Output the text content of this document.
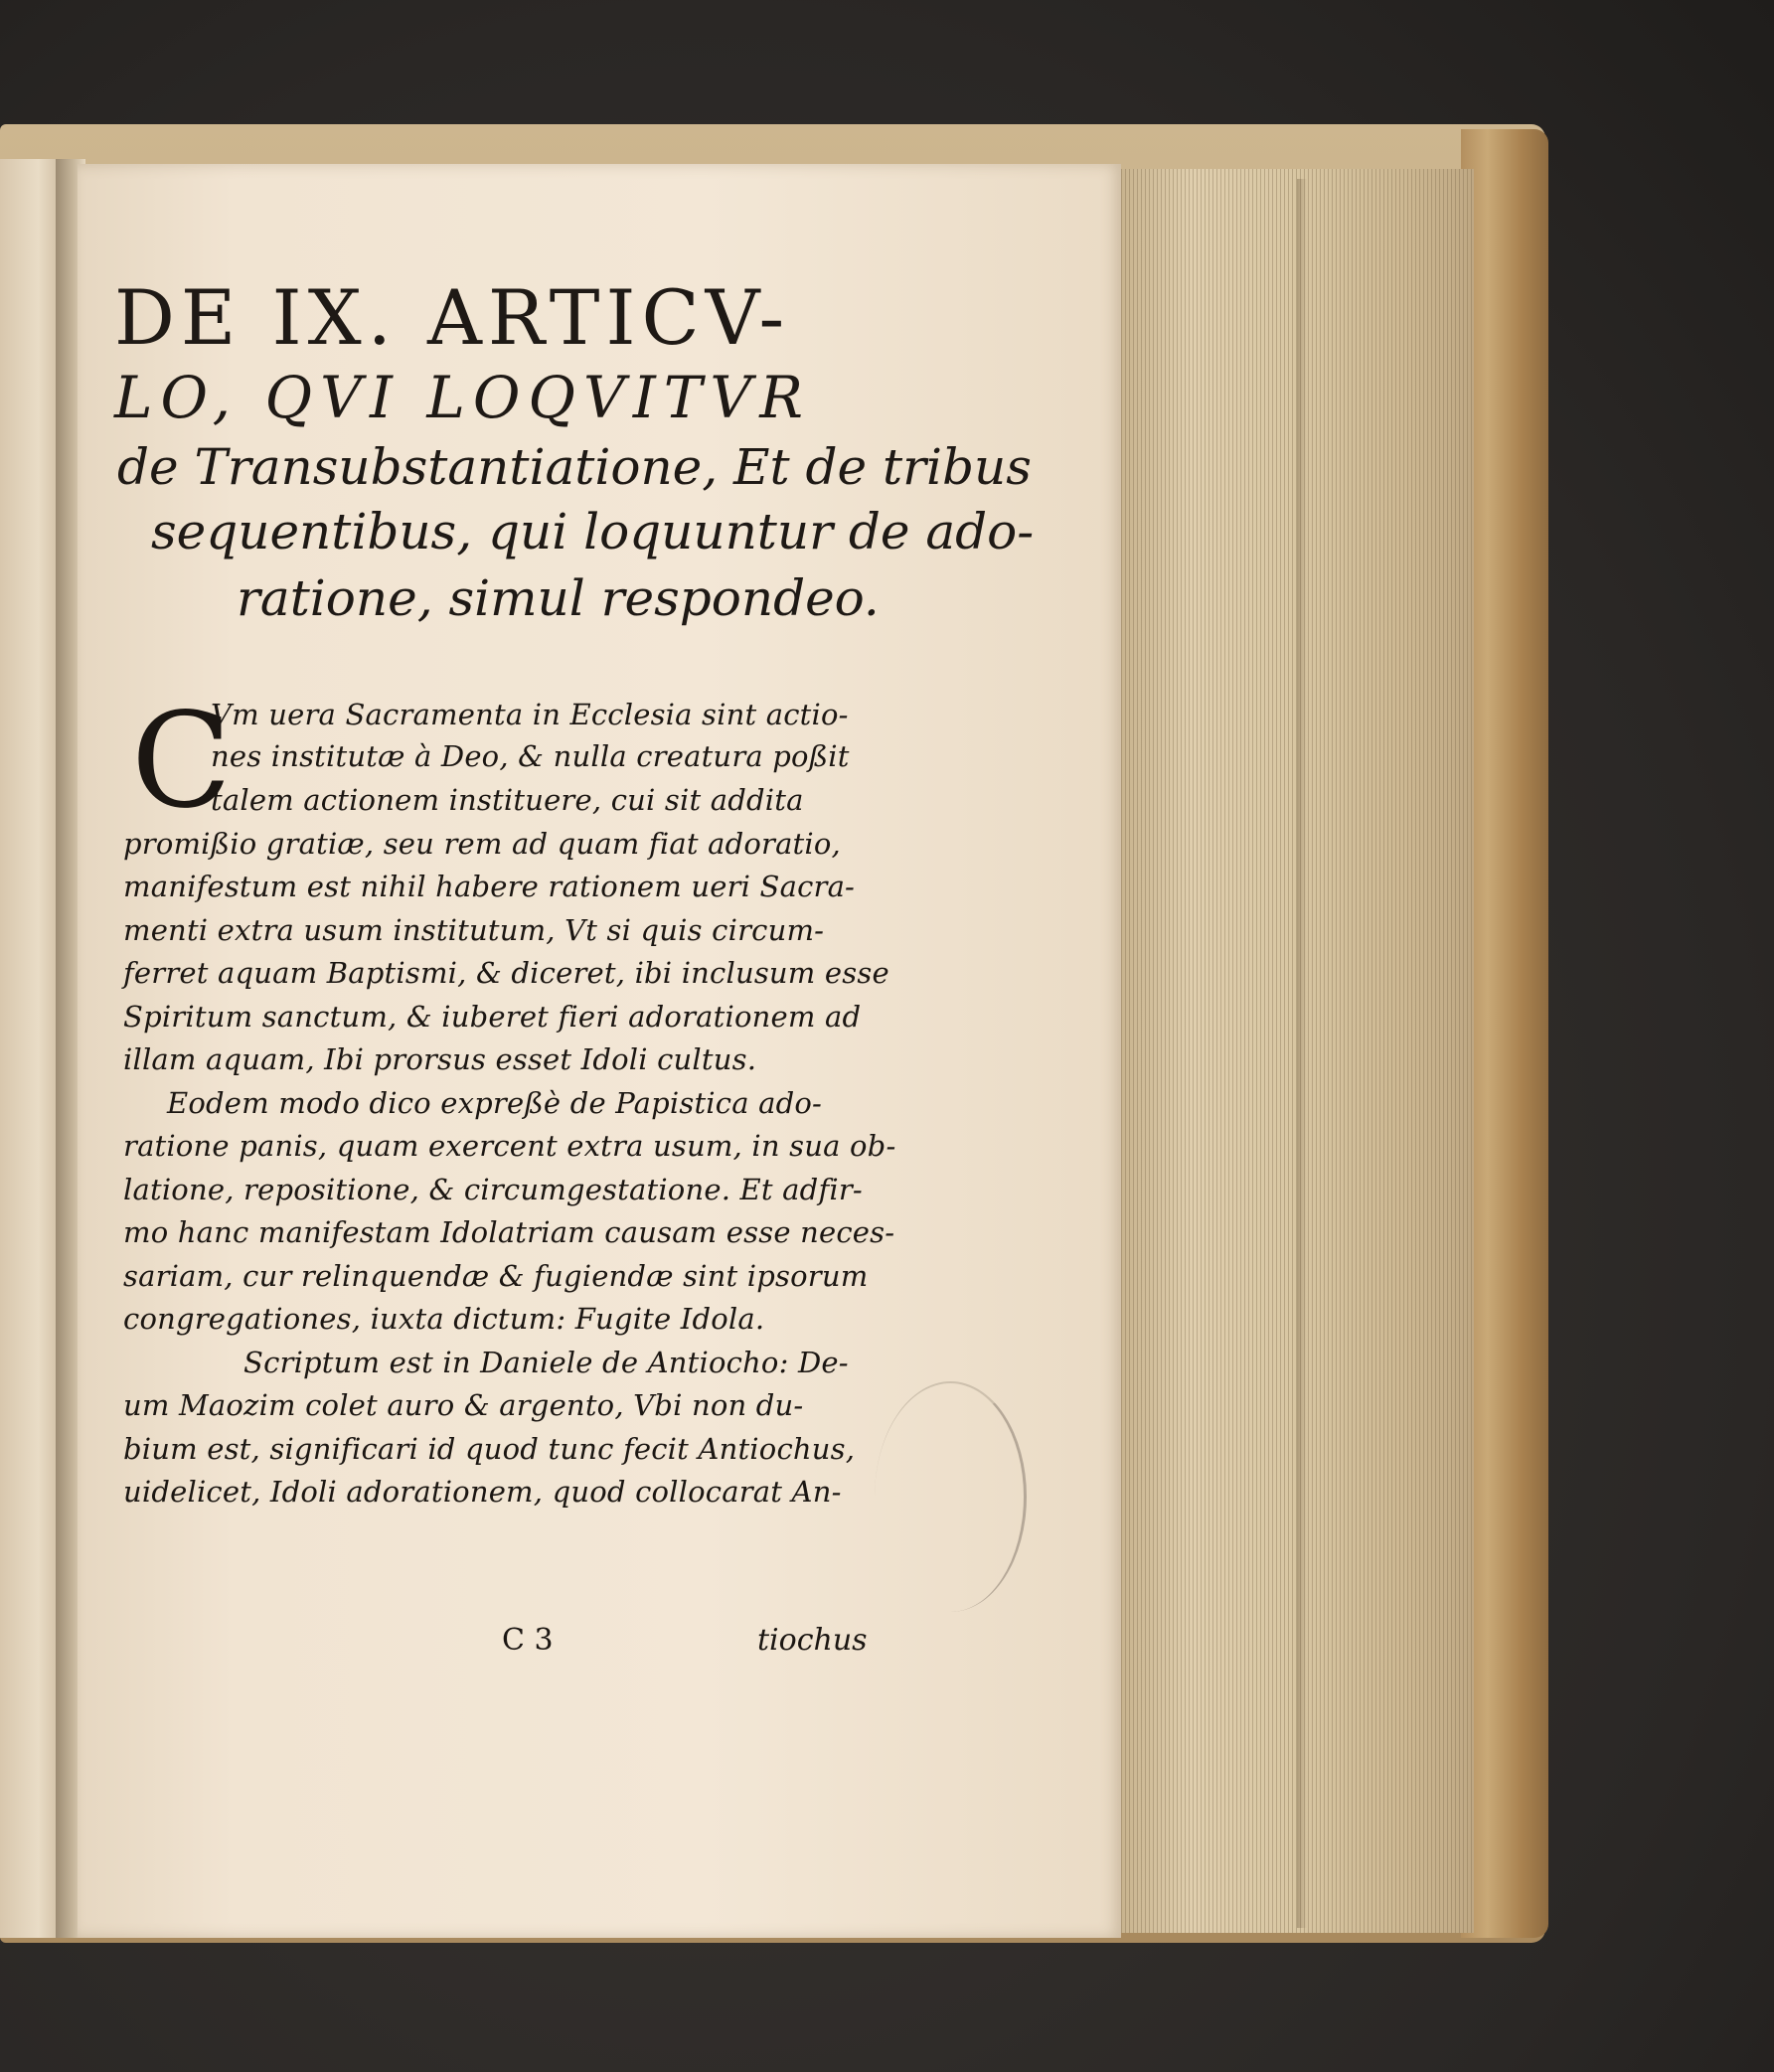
DE IX. ARTICV-
LO, QVI LOQVITVR
de Transubstantiatione, Et de tribus
sequentibus, qui loquuntur de ado-
ratione, simul respondeo.
C
Vm uera Sacramenta in Ecclesia sint actio-
nes institutæ à Deo, & nulla creatura poßit
talem actionem instituere, cui sit addita
promißio gratiæ, seu rem ad quam fiat adoratio,
manifestum est nihil habere rationem ueri Sacra-
menti extra usum institutum, Vt si quis circum-
ferret aquam Baptismi, & diceret, ibi inclusum esse
Spiritum sanctum, & iuberet fieri adorationem ad
illam aquam, Ibi prorsus esset Idoli cultus.
Eodem modo dico expreßè de Papistica ado-
ratione panis, quam exercent extra usum, in sua ob-
latione, repositione, & circumgestatione. Et adfir-
mo hanc manifestam Idolatriam causam esse neces-
sariam, cur relinquendæ & fugiendæ sint ipsorum
congregationes, iuxta dictum: Fugite Idola.
Scriptum est in Daniele de Antiocho: De-
um Maozim colet auro & argento, Vbi non du-
bium est, significari id quod tunc fecit Antiochus,
uidelicet, Idoli adorationem, quod collocarat An-
C 3	tiochus
